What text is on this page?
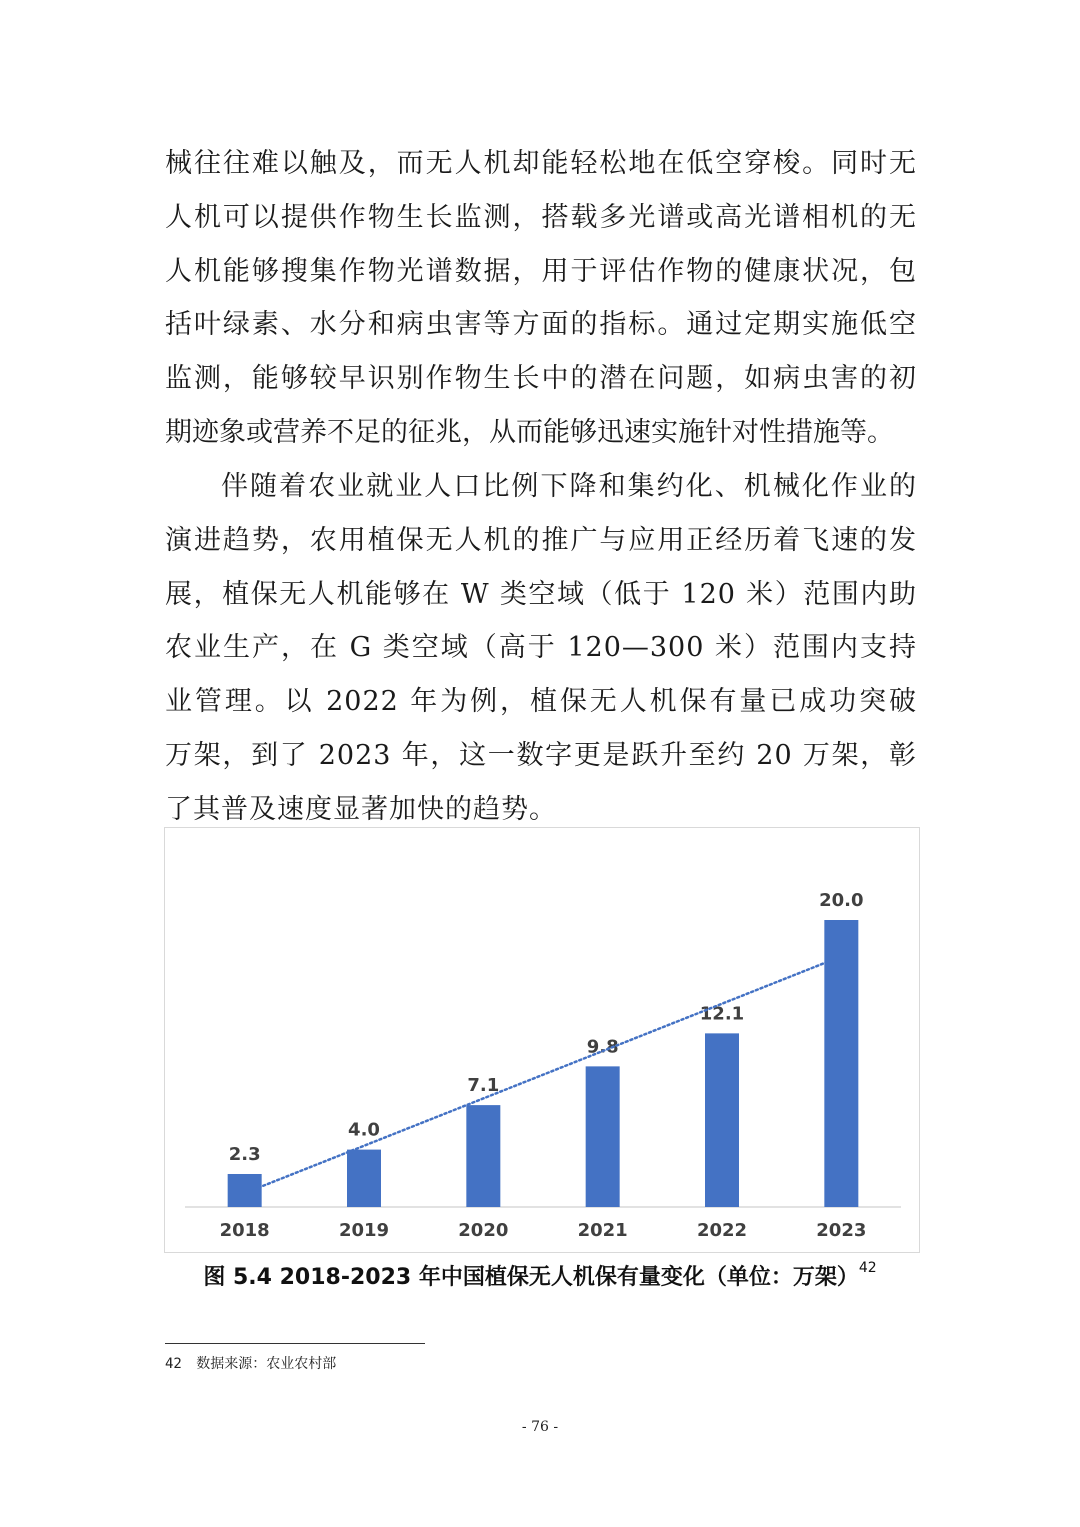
械往往难以触及，而无人机却能轻松地在低空穿梭。同时无
人机可以提供作物生长监测，搭载多光谱或高光谱相机的无
人机能够搜集作物光谱数据，用于评估作物的健康状况，包
括叶绿素、水分和病虫害等方面的指标。通过定期实施低空
监测，能够较早识别作物生长中的潜在问题，如病虫害的初
期迹象或营养不足的征兆，从而能够迅速实施针对性措施等。
伴随着农业就业人口比例下降和集约化、机械化作业的
演进趋势，农用植保无人机的推广与应用正经历着飞速的发
展，植保无人机能够在 W 类空域（低于 120 米）范围内助
农业生产，在 G 类空域（高于 120—300 米）范围内支持
业管理。以 2022 年为例，植保无人机保有量已成功突破
万架，到了 2023 年，这一数字更是跃升至约 20 万架，彰
了其普及速度显著加快的趋势。
2.3
2018
4.0
2019
7.1
2020
9.8
2021
12.1
2022
20.0
2023
图 5.4 2018-2023 年中国植保无人机保有量变化（单位：万架）$^{42}$
42 数据来源：农业农村部
- 76 -
